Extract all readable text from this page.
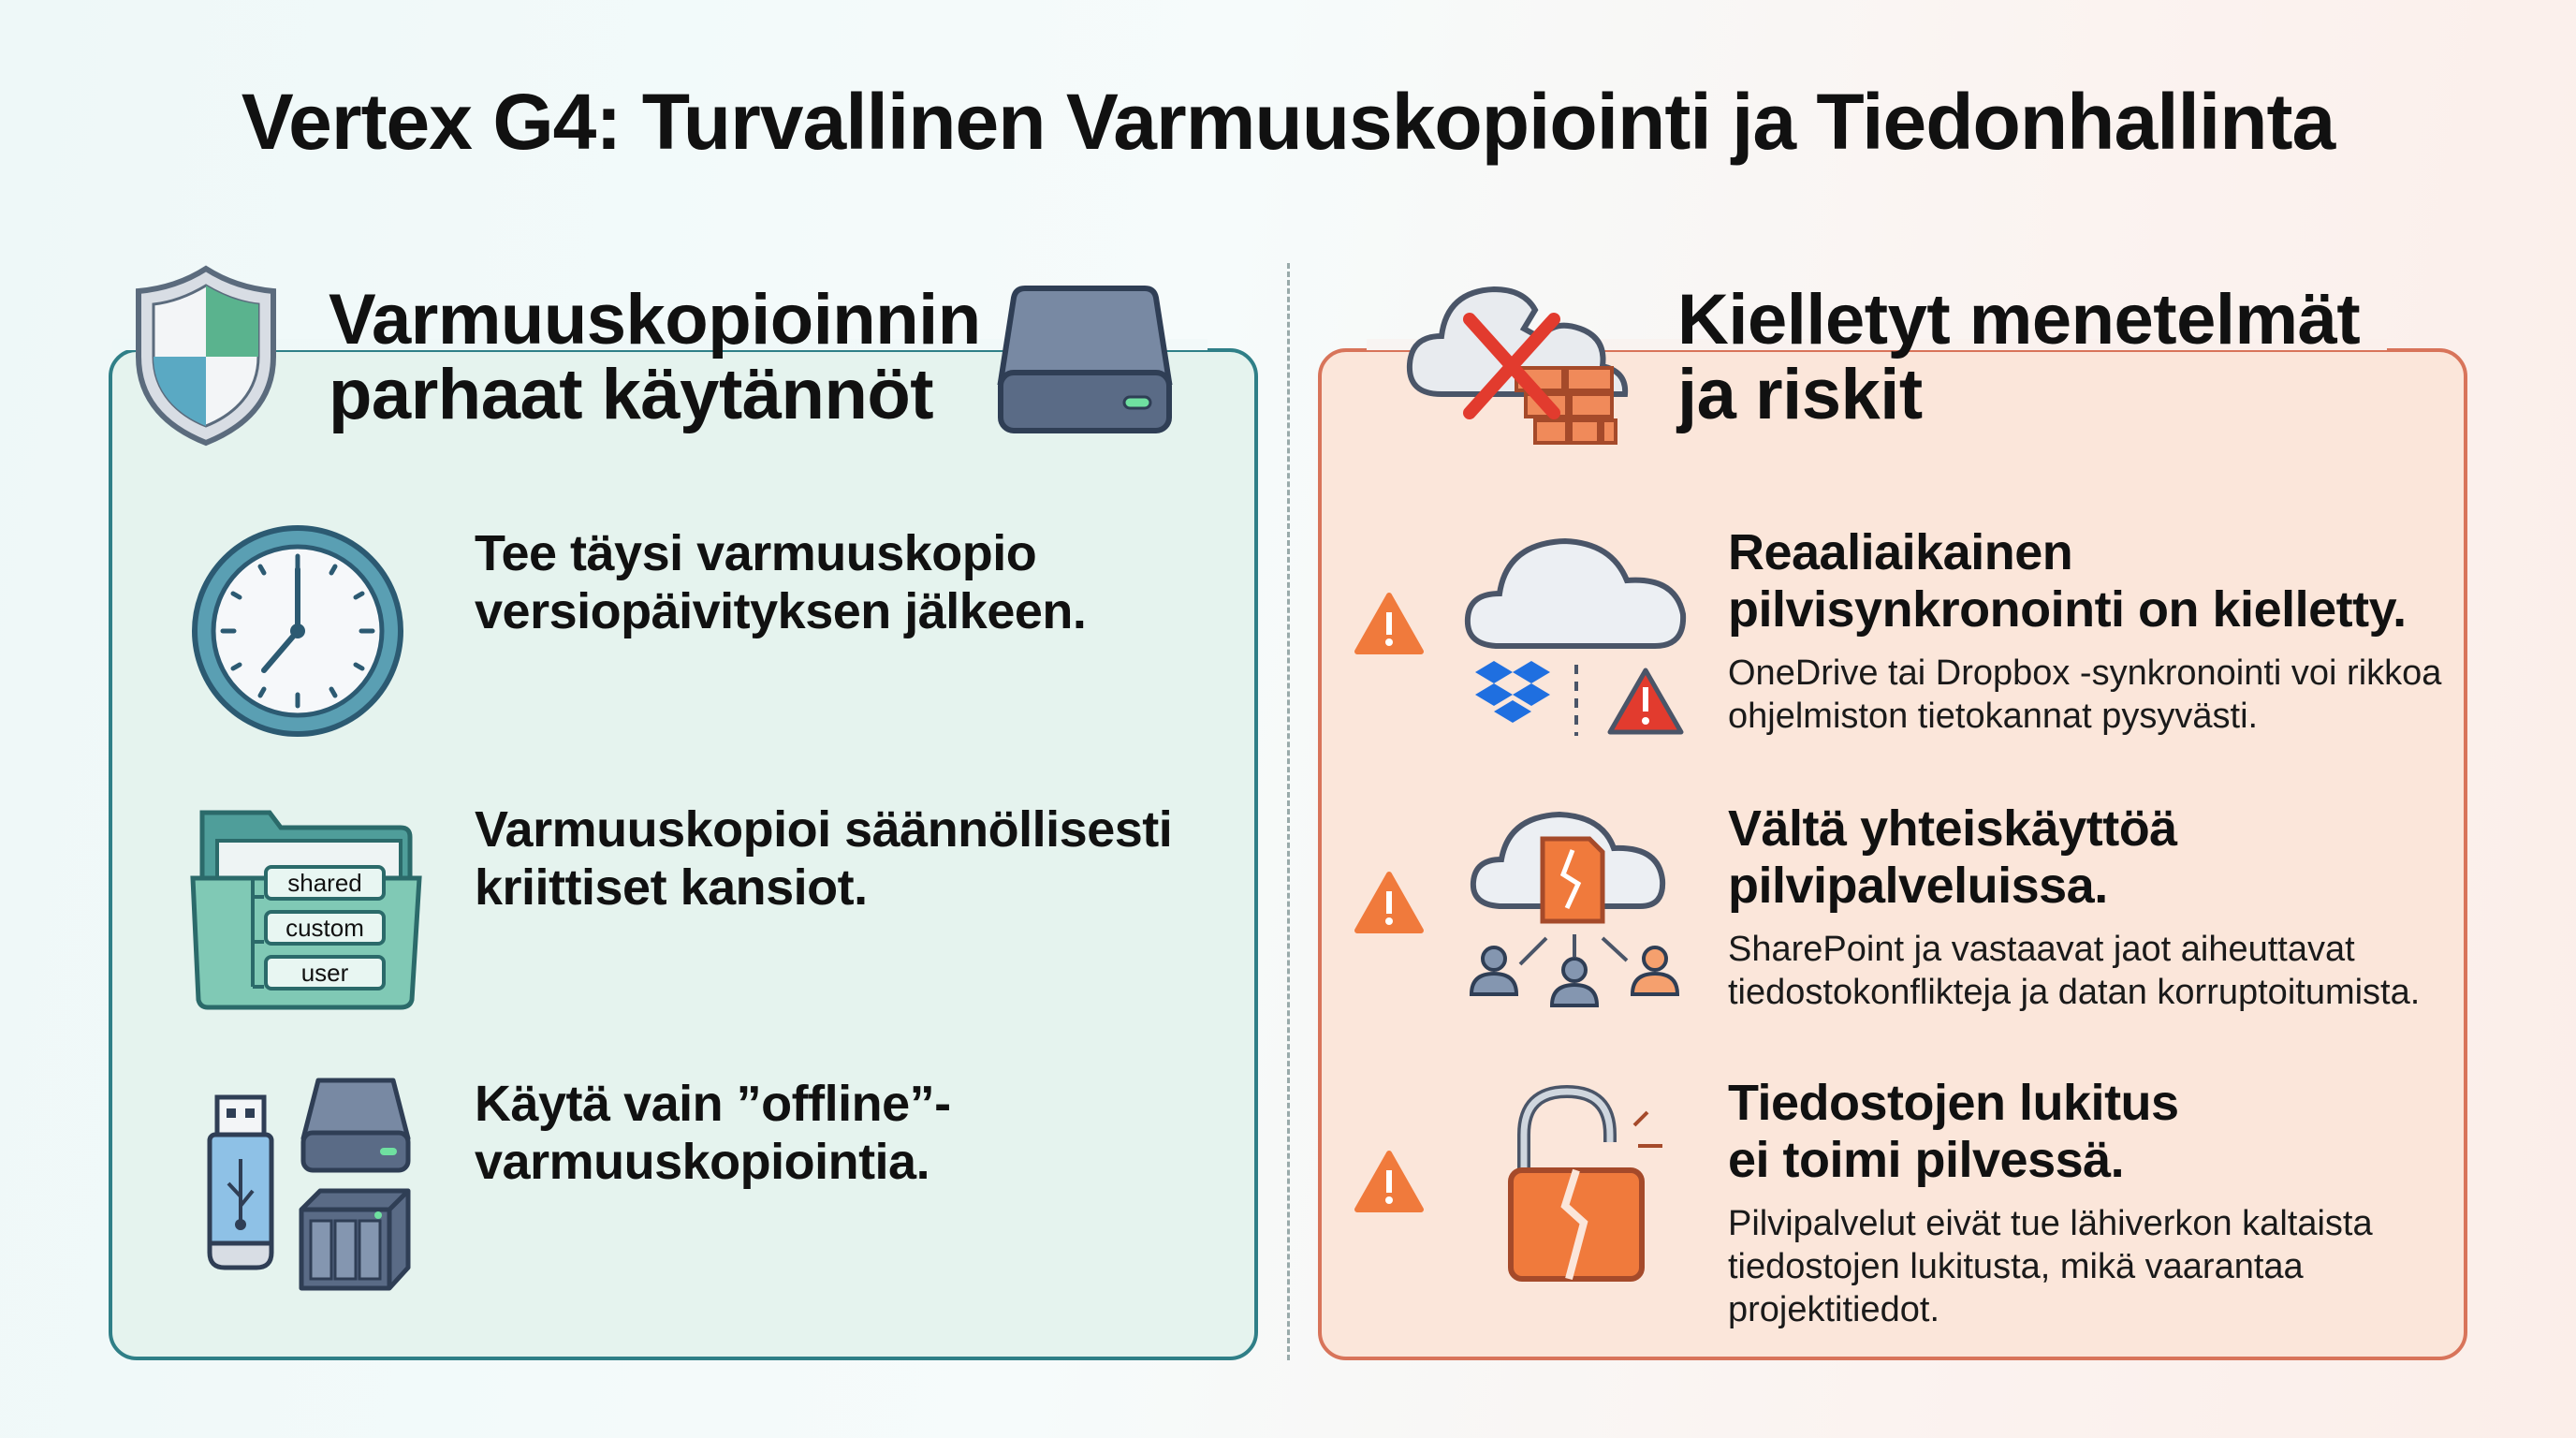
Vertex G4: Turvallinen Varmuuskopiointi ja Tiedonhallinta
Varmuuskopioinnin
parhaat käytännöt
Tee täysi varmuuskopio
versiopäivityksen jälkeen.
shared
custom
user
Varmuuskopioi säännöllisesti
kriittiset kansiot.
Käytä vain ”offline”-
varmuuskopiointia.
Kielletyt menetelmät
ja riskit
Reaaliaikainen
pilvisynkronointi on kielletty.
OneDrive tai Dropbox -synkronointi voi rikkoa
ohjelmiston tietokannat pysyvästi.
Vältä yhteiskäyttöä
pilvipalveluissa.
SharePoint ja vastaavat jaot aiheuttavat
tiedostokonflikteja ja datan korruptoitumista.
Tiedostojen lukitus
ei toimi pilvessä.
Pilvipalvelut eivät tue lähiverkon kaltaista
tiedostojen lukitusta, mikä vaarantaa
projektitiedot.
